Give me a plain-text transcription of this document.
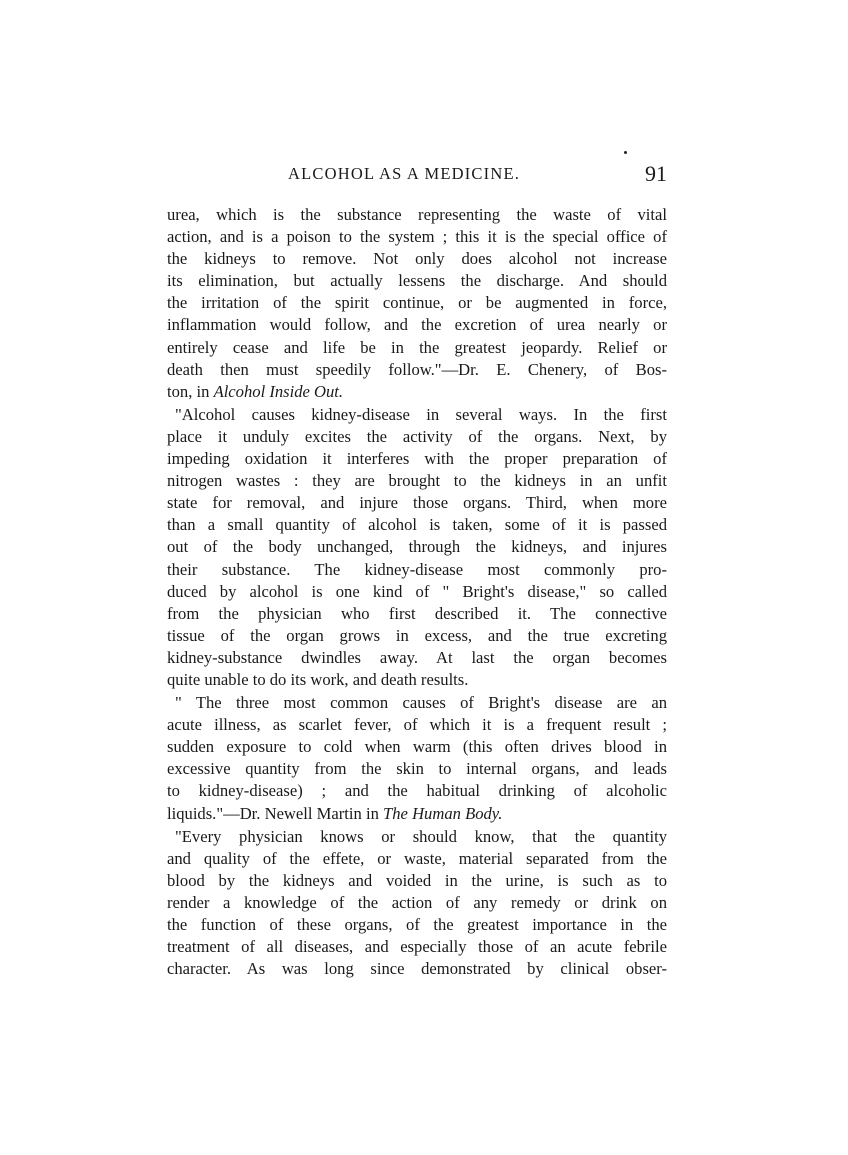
ALCOHOL AS A MEDICINE.	91
urea, which is the substance representing the waste of vital
action, and is a poison to the system ; this it is the special office of
the kidneys to remove. Not only does alcohol not increase
its elimination, but actually lessens the discharge. And should
the irritation of the spirit continue, or be augmented in force,
inflammation would follow, and the excretion of urea nearly or
entirely cease and life be in the greatest jeopardy. Relief or
death then must speedily follow."—Dr. E. Chenery, of Bos-
ton, in Alcohol Inside Out.
"Alcohol causes kidney-disease in several ways. In the first
place it unduly excites the activity of the organs. Next, by
impeding oxidation it interferes with the proper preparation of
nitrogen wastes : they are brought to the kidneys in an unfit
state for removal, and injure those organs. Third, when more
than a small quantity of alcohol is taken, some of it is passed
out of the body unchanged, through the kidneys, and injures
their substance. The kidney-disease most commonly pro-
duced by alcohol is one kind of " Bright's disease," so called
from the physician who first described it. The connective
tissue of the organ grows in excess, and the true excreting
kidney-substance dwindles away. At last the organ becomes
quite unable to do its work, and death results.
" The three most common causes of Bright's disease are an
acute illness, as scarlet fever, of which it is a frequent result ;
sudden exposure to cold when warm (this often drives blood in
excessive quantity from the skin to internal organs, and leads
to kidney-disease) ; and the habitual drinking of alcoholic
liquids."—Dr. Newell Martin in The Human Body.
"Every physician knows or should know, that the quantity
and quality of the effete, or waste, material separated from the
blood by the kidneys and voided in the urine, is such as to
render a knowledge of the action of any remedy or drink on
the function of these organs, of the greatest importance in the
treatment of all diseases, and especially those of an acute febrile
character. As was long since demonstrated by clinical obser-
